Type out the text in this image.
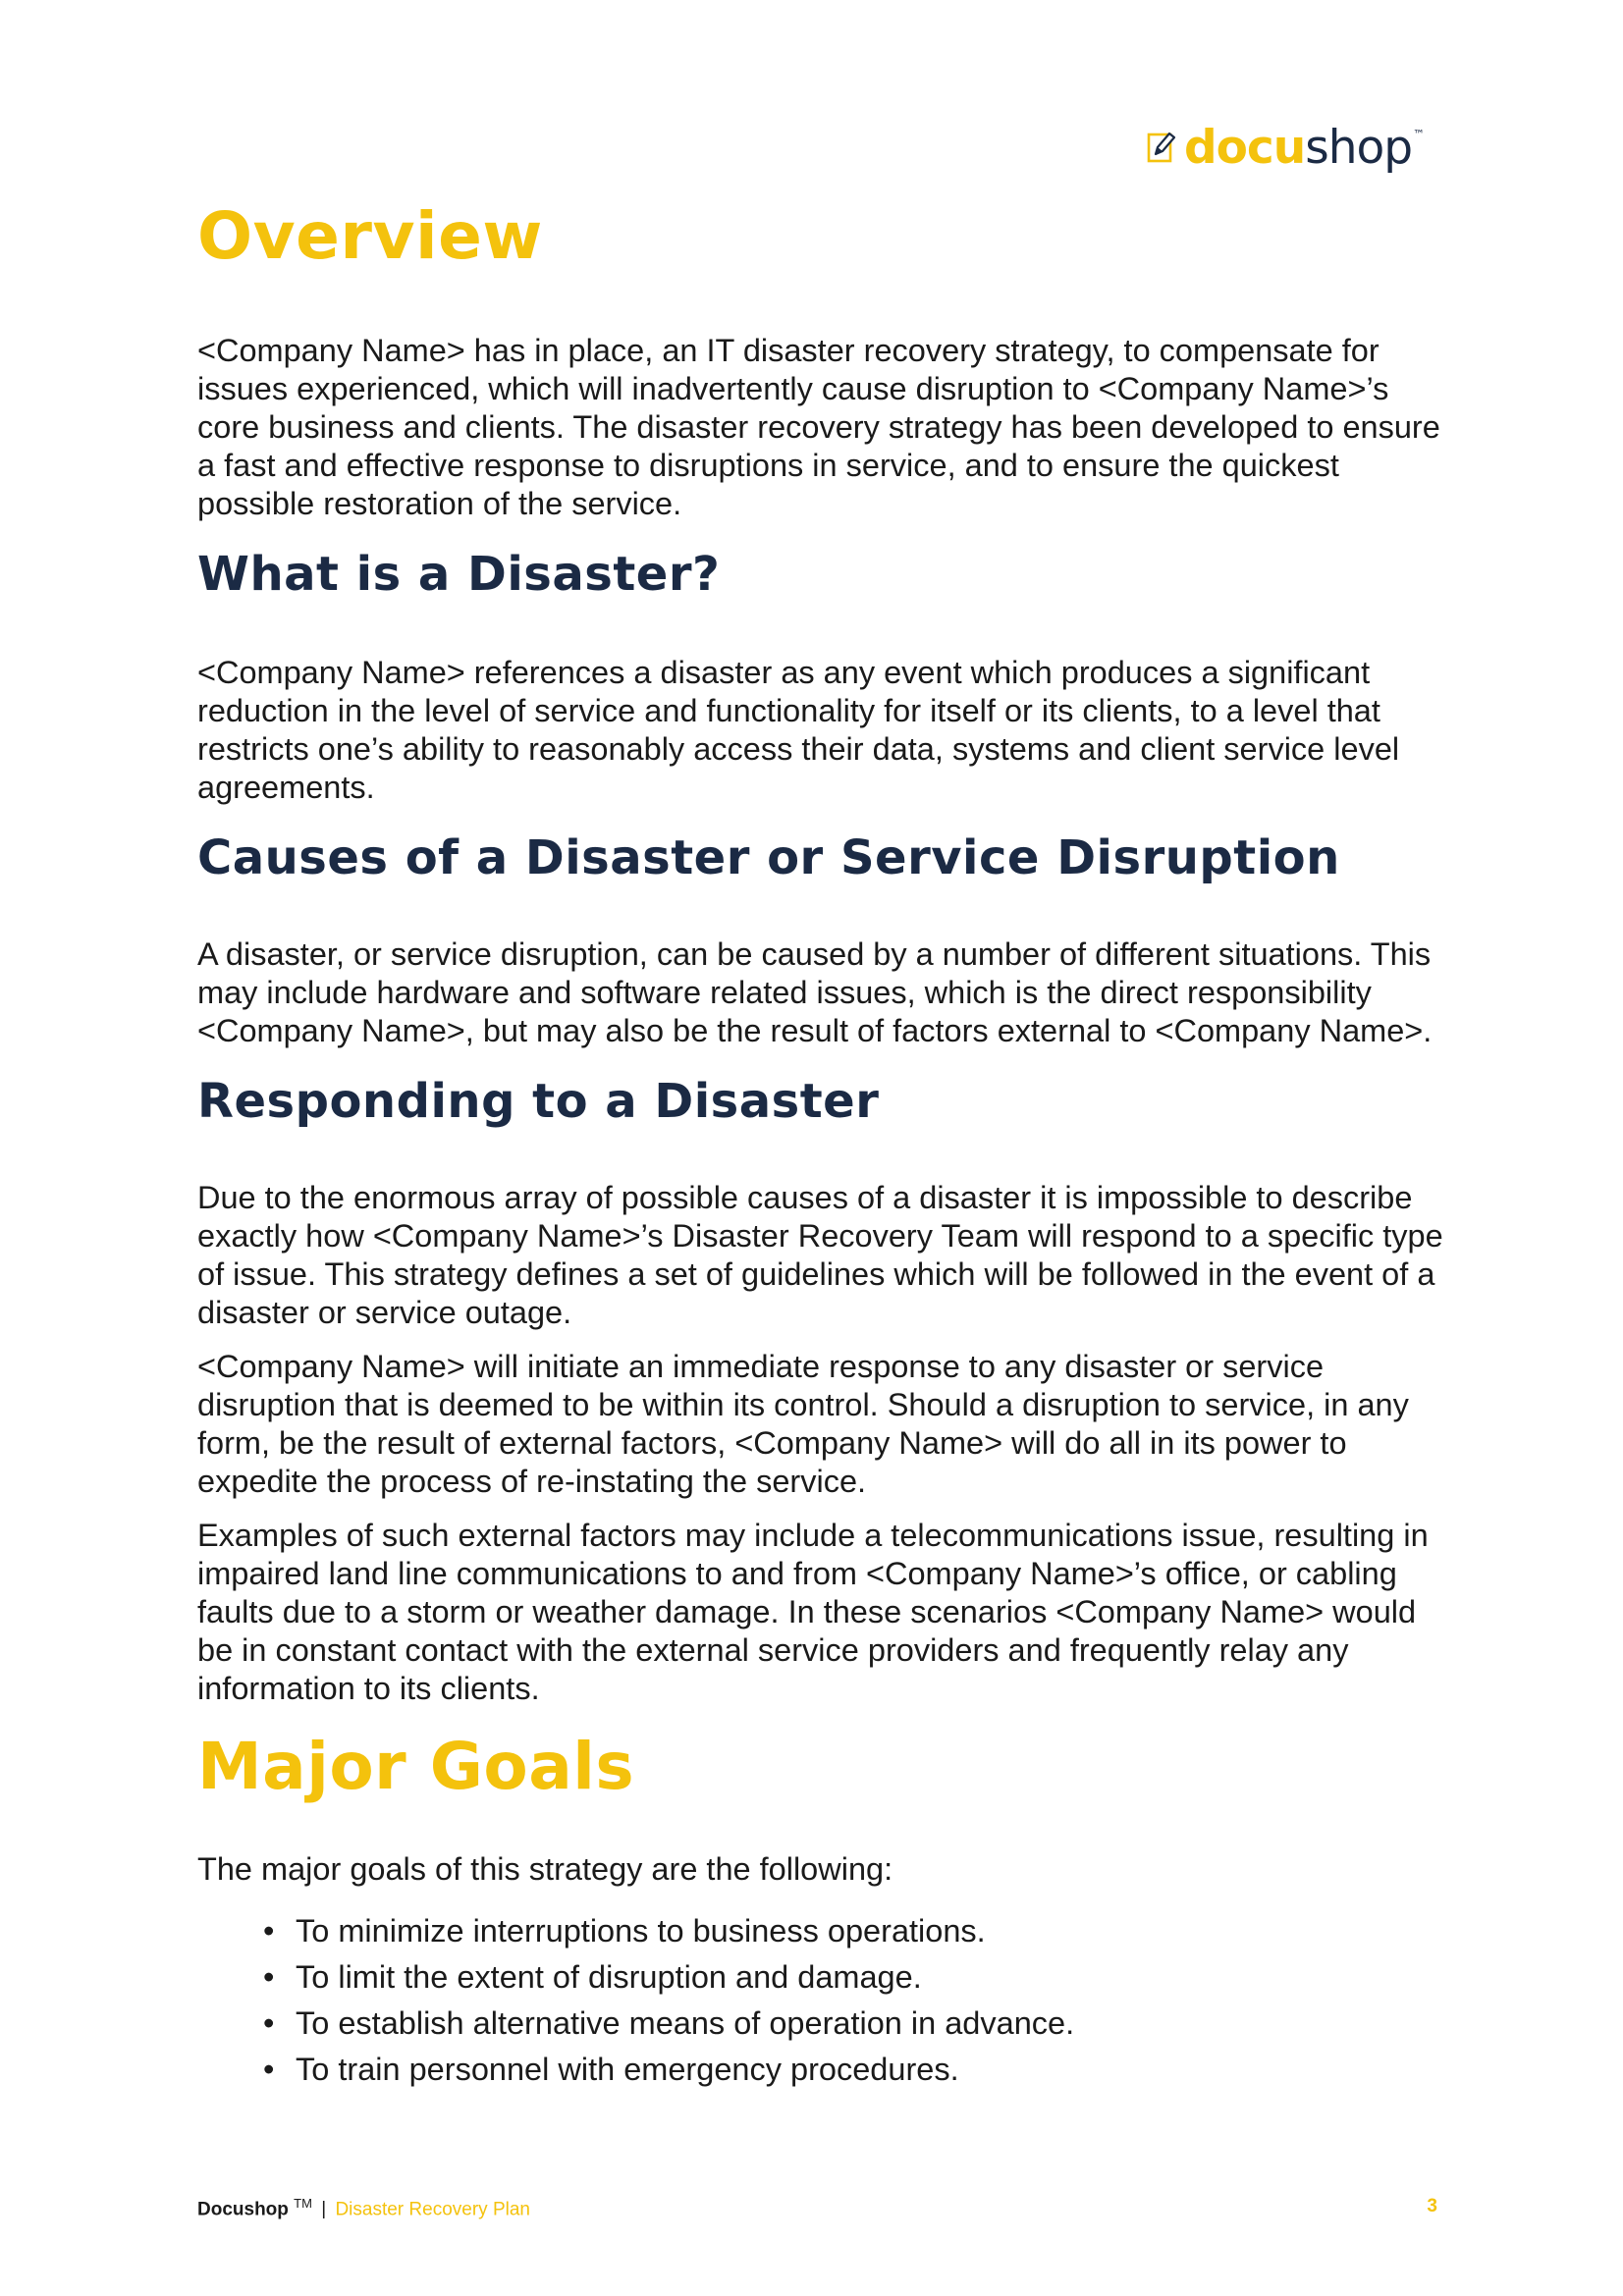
docu shop ™
Overview

<Company Name> has in place, an IT disaster recovery strategy, to compensate for issues experienced, which will inadvertently cause disruption to <Company Name>’s core business and clients. The disaster recovery strategy has been developed to ensure a fast and effective response to disruptions in service, and to ensure the quickest possible restoration of the service.

What is a Disaster?

<Company Name> references a disaster as any event which produces a significant reduction in the level of service and functionality for itself or its clients, to a level that restricts one’s ability to reasonably access their data, systems and client service level agreements.

Causes of a Disaster or Service Disruption

A disaster, or service disruption, can be caused by a number of different situations. This may include hardware and software related issues, which is the direct responsibility <Company Name>, but may also be the result of factors external to <Company Name>.

Responding to a Disaster

Due to the enormous array of possible causes of a disaster it is impossible to describe exactly how <Company Name>’s Disaster Recovery Team will respond to a specific type of issue. This strategy defines a set of guidelines which will be followed in the event of a disaster or service outage.

<Company Name> will initiate an immediate response to any disaster or service disruption that is deemed to be within its control. Should a disruption to service, in any form, be the result of external factors, <Company Name> will do all in its power to expedite the process of re-instating the service.

Examples of such external factors may include a telecommunications issue, resulting in impaired land line communications to and from <Company Name>’s office, or cabling faults due to a storm or weather damage. In these scenarios <Company Name> would be in constant contact with the external service providers and frequently relay any information to its clients.

Major Goals

The major goals of this strategy are the following:

• To minimize interruptions to business operations.
• To limit the extent of disruption and damage.
• To establish alternative means of operation in advance.
• To train personnel with emergency procedures.
Docushop ™ | Disaster Recovery Plan	3
